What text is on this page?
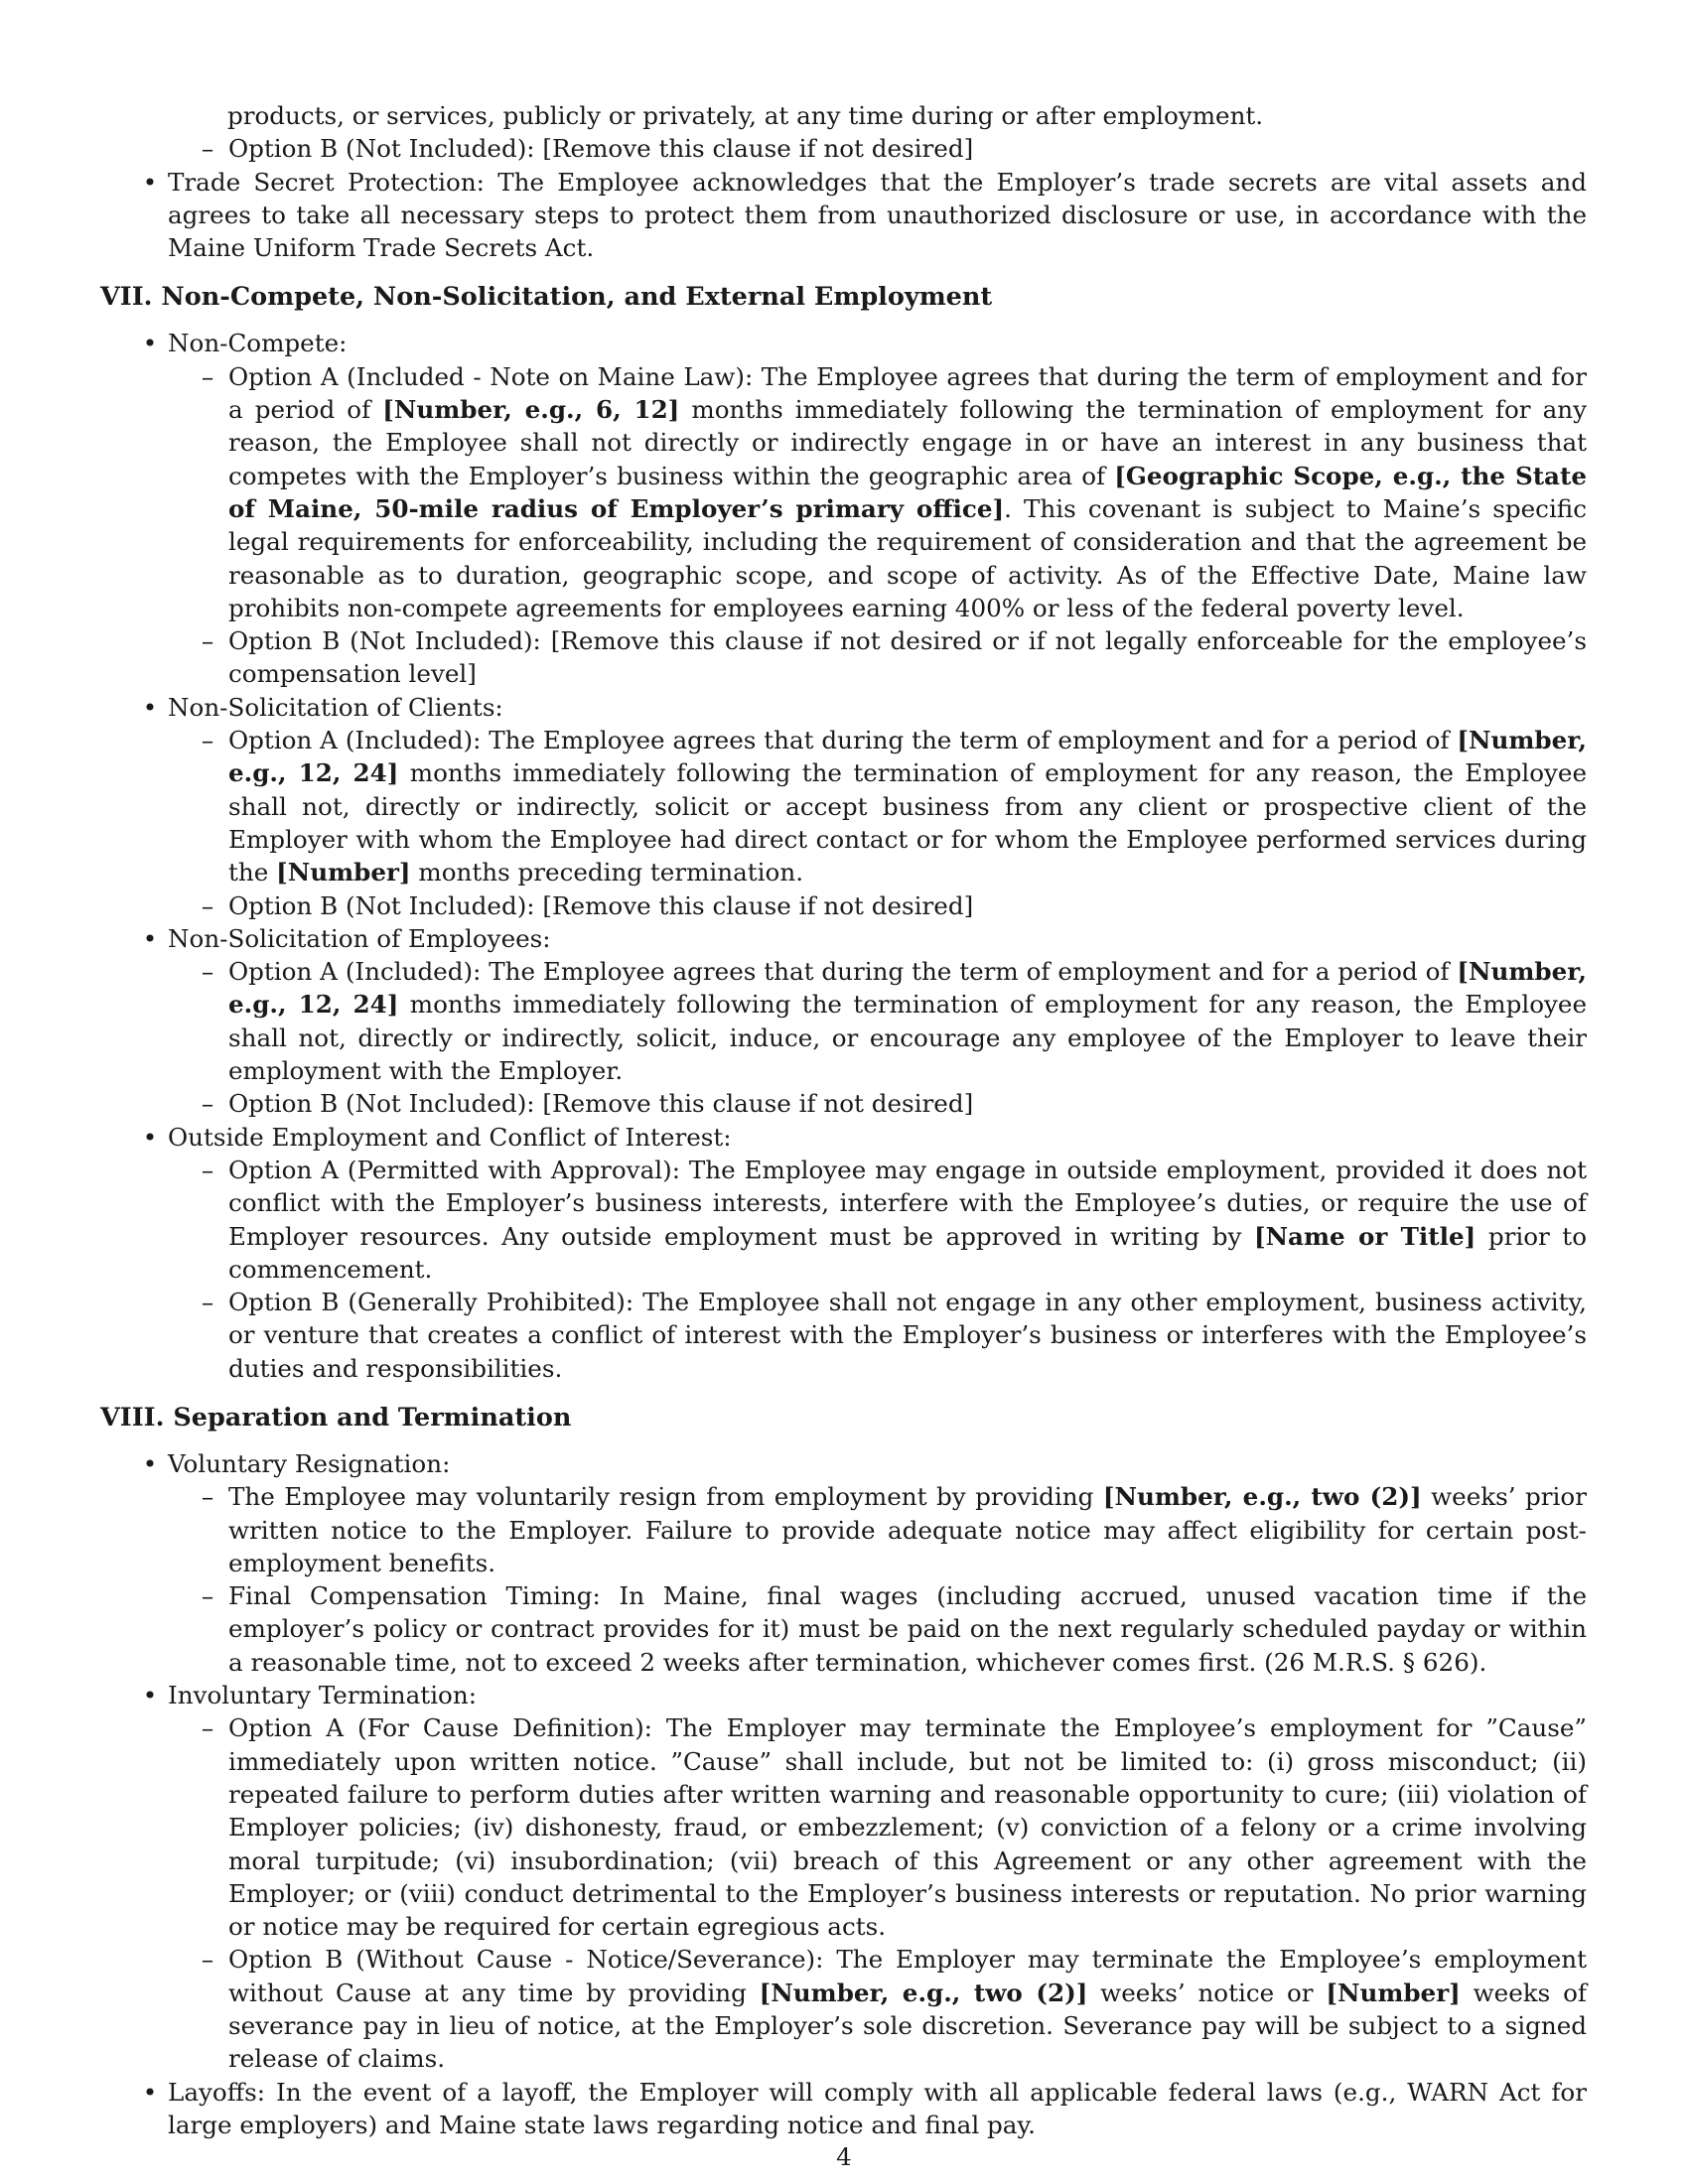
products, or services, publicly or privately, at any time during or after employment.
– Option B (Not Included): [Remove this clause if not desired]
• Trade Secret Protection: The Employee acknowledges that the Employer’s trade secrets are vital assets and agrees to take all necessary steps to protect them from unauthorized disclosure or use, in accordance with the Maine Uniform Trade Secrets Act.
VII. Non-Compete, Non-Solicitation, and External Employment
• Non-Compete:
– Option A (Included - Note on Maine Law): The Employee agrees that during the term of employment and for a period of [Number, e.g., 6, 12] months immediately following the termination of employment for any reason, the Employee shall not directly or indirectly engage in or have an interest in any business that competes with the Employer’s business within the geographic area of [Geographic Scope, e.g., the State of Maine, 50-mile radius of Employer’s primary office]. This covenant is subject to Maine’s specific legal requirements for enforceability, including the requirement of consideration and that the agreement be reasonable as to duration, geographic scope, and scope of activity. As of the Effective Date, Maine law prohibits non-compete agreements for employees earning 400% or less of the federal poverty level.
– Option B (Not Included): [Remove this clause if not desired or if not legally enforceable for the employee’s compensation level]
• Non-Solicitation of Clients:
– Option A (Included): The Employee agrees that during the term of employment and for a period of [Number, e.g., 12, 24] months immediately following the termination of employment for any reason, the Employee shall not, directly or indirectly, solicit or accept business from any client or prospective client of the Employer with whom the Employee had direct contact or for whom the Employee performed services during the [Number] months preceding termination.
– Option B (Not Included): [Remove this clause if not desired]
• Non-Solicitation of Employees:
– Option A (Included): The Employee agrees that during the term of employment and for a period of [Number, e.g., 12, 24] months immediately following the termination of employment for any reason, the Employee shall not, directly or indirectly, solicit, induce, or encourage any employee of the Employer to leave their employment with the Employer.
– Option B (Not Included): [Remove this clause if not desired]
• Outside Employment and Conflict of Interest:
– Option A (Permitted with Approval): The Employee may engage in outside employment, provided it does not conflict with the Employer’s business interests, interfere with the Employee’s duties, or require the use of Employer resources. Any outside employment must be approved in writing by [Name or Title] prior to commencement.
– Option B (Generally Prohibited): The Employee shall not engage in any other employment, business activity, or venture that creates a conflict of interest with the Employer’s business or interferes with the Employee’s duties and responsibilities.
VIII. Separation and Termination
• Voluntary Resignation:
– The Employee may voluntarily resign from employment by providing [Number, e.g., two (2)] weeks’ prior written notice to the Employer. Failure to provide adequate notice may affect eligibility for certain post-employment benefits.
– Final Compensation Timing: In Maine, final wages (including accrued, unused vacation time if the employer’s policy or contract provides for it) must be paid on the next regularly scheduled payday or within a reasonable time, not to exceed 2 weeks after termination, whichever comes first. (26 M.R.S. § 626).
• Involuntary Termination:
– Option A (For Cause Definition): The Employer may terminate the Employee’s employment for ”Cause” immediately upon written notice. ”Cause” shall include, but not be limited to: (i) gross misconduct; (ii) repeated failure to perform duties after written warning and reasonable opportunity to cure; (iii) violation of Employer policies; (iv) dishonesty, fraud, or embezzlement; (v) conviction of a felony or a crime involving moral turpitude; (vi) insubordination; (vii) breach of this Agreement or any other agreement with the Employer; or (viii) conduct detrimental to the Employer’s business interests or reputation. No prior warning or notice may be required for certain egregious acts.
– Option B (Without Cause - Notice/Severance): The Employer may terminate the Employee’s employment without Cause at any time by providing [Number, e.g., two (2)] weeks’ notice or [Number] weeks of severance pay in lieu of notice, at the Employer’s sole discretion. Severance pay will be subject to a signed release of claims.
• Layoffs: In the event of a layoff, the Employer will comply with all applicable federal laws (e.g., WARN Act for large employers) and Maine state laws regarding notice and final pay.
4
